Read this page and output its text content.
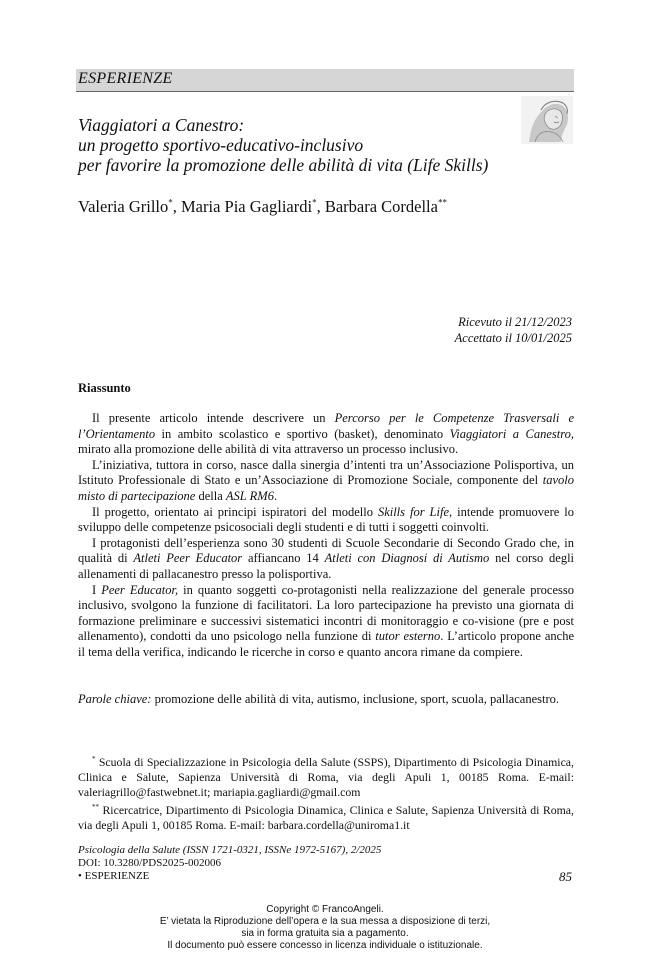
ESPERIENZE
Viaggiatori a Canestro:
un progetto sportivo-educativo-inclusivo
per favorire la promozione delle abilità di vita (Life Skills)
Valeria Grillo*, Maria Pia Gagliardi*, Barbara Cordella**
Ricevuto il 21/12/2023
Accettato il 10/01/2025
Riassunto

Il presente articolo intende descrivere un Percorso per le Competenze Trasversali e l’Orientamento in ambito scolastico e sportivo (basket), denominato Viaggiatori a Canestro, mirato alla promozione delle abilità di vita attraverso un processo inclusivo.

L’iniziativa, tuttora in corso, nasce dalla sinergia d’intenti tra un’Associazione Polisportiva, un Istituto Professionale di Stato e un’Associazione di Promozione Sociale, componente del tavolo misto di partecipazione della ASL RM6.

Il progetto, orientato ai principi ispiratori del modello Skills for Life, intende promuovere lo sviluppo delle competenze psicosociali degli studenti e di tutti i soggetti coinvolti.

I protagonisti dell’esperienza sono 30 studenti di Scuole Secondarie di Secondo Grado che, in qualità di Atleti Peer Educator affiancano 14 Atleti con Diagnosi di Autismo nel corso degli allenamenti di pallacanestro presso la polisportiva.

I Peer Educator, in quanto soggetti co-protagonisti nella realizzazione del generale processo inclusivo, svolgono la funzione di facilitatori. La loro partecipazione ha previsto una giornata di formazione preliminare e successivi sistematici incontri di monitoraggio e co-visione (pre e post allenamento), condotti da uno psicologo nella funzione di tutor esterno. L’articolo propone anche il tema della verifica, indicando le ricerche in corso e quanto ancora rimane da compiere.

Parole chiave: promozione delle abilità di vita, autismo, inclusione, sport, scuola, pallacanestro.

* Scuola di Specializzazione in Psicologia della Salute (SSPS), Dipartimento di Psicologia Dinamica, Clinica e Salute, Sapienza Università di Roma, via degli Apuli 1, 00185 Roma. E-mail: valeriagrillo@fastwebnet.it; mariapia.gagliardi@gmail.com

** Ricercatrice, Dipartimento di Psicologia Dinamica, Clinica e Salute, Sapienza Università di Roma, via degli Apuli 1, 00185 Roma. E-mail: barbara.cordella@uniroma1.it

Psicologia della Salute (ISSN 1721-0321, ISSNe 1972-5167), 2/2025
DOI: 10.3280/PDS2025-002006
• ESPERIENZE	85
Copyright © FrancoAngeli.
E’ vietata la Riproduzione dell’opera e la sua messa a disposizione di terzi,
sia in forma gratuita sia a pagamento.
Il documento può essere concesso in licenza individuale o istituzionale.
